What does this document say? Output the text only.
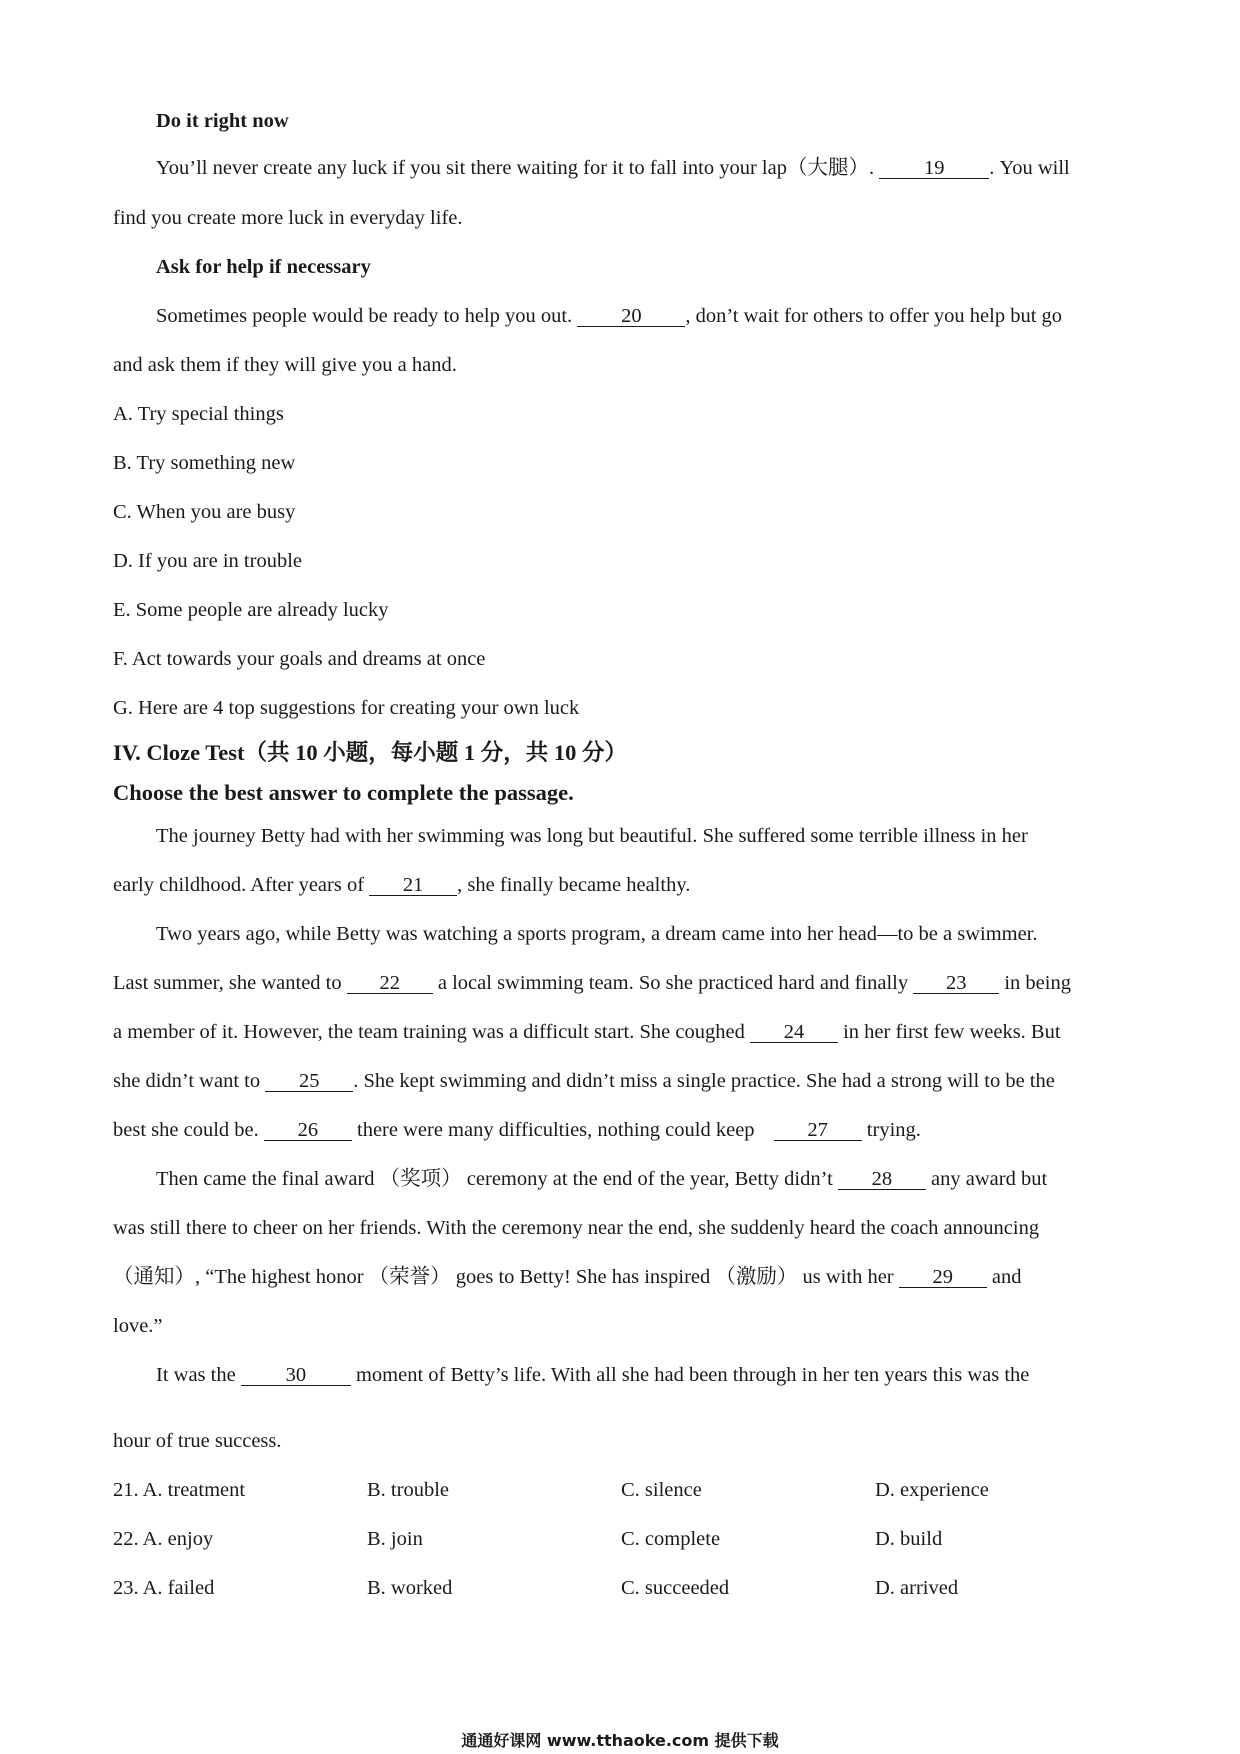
Do it right now
You’ll never create any luck if you sit there waiting for it to fall into your lap（大腿）. 19 . You will
find you create more luck in everyday life.
Ask for help if necessary
Sometimes people would be ready to help you out. 20 , don’t wait for others to offer you help but go
and ask them if they will give you a hand.
A. Try special things
B. Try something new
C. When you are busy
D. If you are in trouble
E. Some people are already lucky
F. Act towards your goals and dreams at once
G. Here are 4 top suggestions for creating your own luck
IV. Cloze Test（共 10 小题，每小题 1 分，共 10 分）
Choose the best answer to complete the passage.
The journey Betty had with her swimming was long but beautiful. She suffered some terrible illness in her
early childhood. After years of 21 , she finally became healthy.
Two years ago, while Betty was watching a sports program, a dream came into her head—to be a swimmer.
Last summer, she wanted to 22 a local swimming team. So she practiced hard and finally 23 in being
a member of it. However, the team training was a difficult start. She coughed 24 in her first few weeks. But
she didn’t want to 25 . She kept swimming and didn’t miss a single practice. She had a strong will to be the
best she could be. 26 there were many difficulties, nothing could keep	27 trying.
Then came the final award （奖项） ceremony at the end of the year, Betty didn’t 28 any award but
was still there to cheer on her friends. With the ceremony near the end, she suddenly heard the coach announcing
（通知）, “The highest honor （荣誉） goes to Betty! She has inspired （激励） us with her 29 and
love.”
It was the 30 moment of Betty’s life. With all she had been through in her ten years this was the
hour of true success.
21. A. treatment	B. trouble	C. silence	D. experience
22. A. enjoy	B. join	C. complete	D. build
23. A. failed	B. worked	C. succeeded	D. arrived
通通好课网 www.tthaoke.com 提供下载
